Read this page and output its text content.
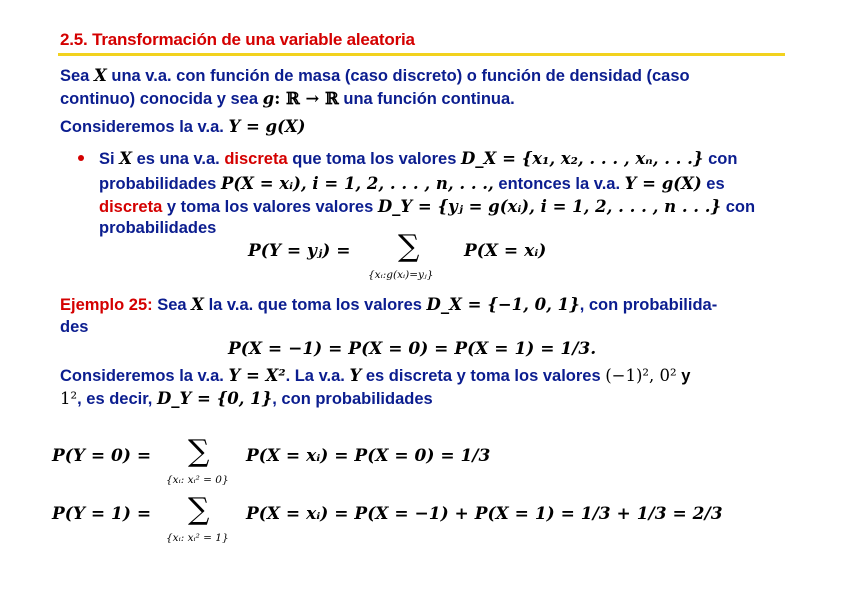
2.5. Transformación de una variable aleatoria
Sea X una v.a. con función de masa (caso discreto) o función de densidad (caso
continuo) conocida y sea g: ℝ → ℝ una función continua.
Consideremos la v.a. Y = g(X)
Si X es una v.a. discreta que toma los valores D_X = {x₁, x₂, . . . , xₙ, . . .} con
probabilidades P(X = xᵢ), i = 1, 2, . . . , n, . . ., entonces la v.a. Y = g(X) es
discreta y toma los valores valores D_Y = {yⱼ = g(xᵢ), i = 1, 2, . . . , n . . .} con
probabilidades
P(Y = yⱼ) = ∑	P(X = xᵢ)
{xᵢ:g(xᵢ)=yⱼ}
Ejemplo 25: Sea X la v.a. que toma los valores D_X = {−1, 0, 1}, con probabilida-
des
P(X = −1) = P(X = 0) = P(X = 1) = 1/3.
Consideremos la v.a. Y = X². La v.a. Y es discreta y toma los valores (−1)², 0² y
1², es decir, D_Y = {0, 1}, con probabilidades
P(Y = 0) = ∑ P(X = xᵢ) = P(X = 0) = 1/3
{xᵢ: xᵢ² = 0}
P(Y = 1) = ∑ P(X = xᵢ) = P(X = −1) + P(X = 1) = 1/3 + 1/3 = 2/3
{xᵢ: xᵢ² = 1}
